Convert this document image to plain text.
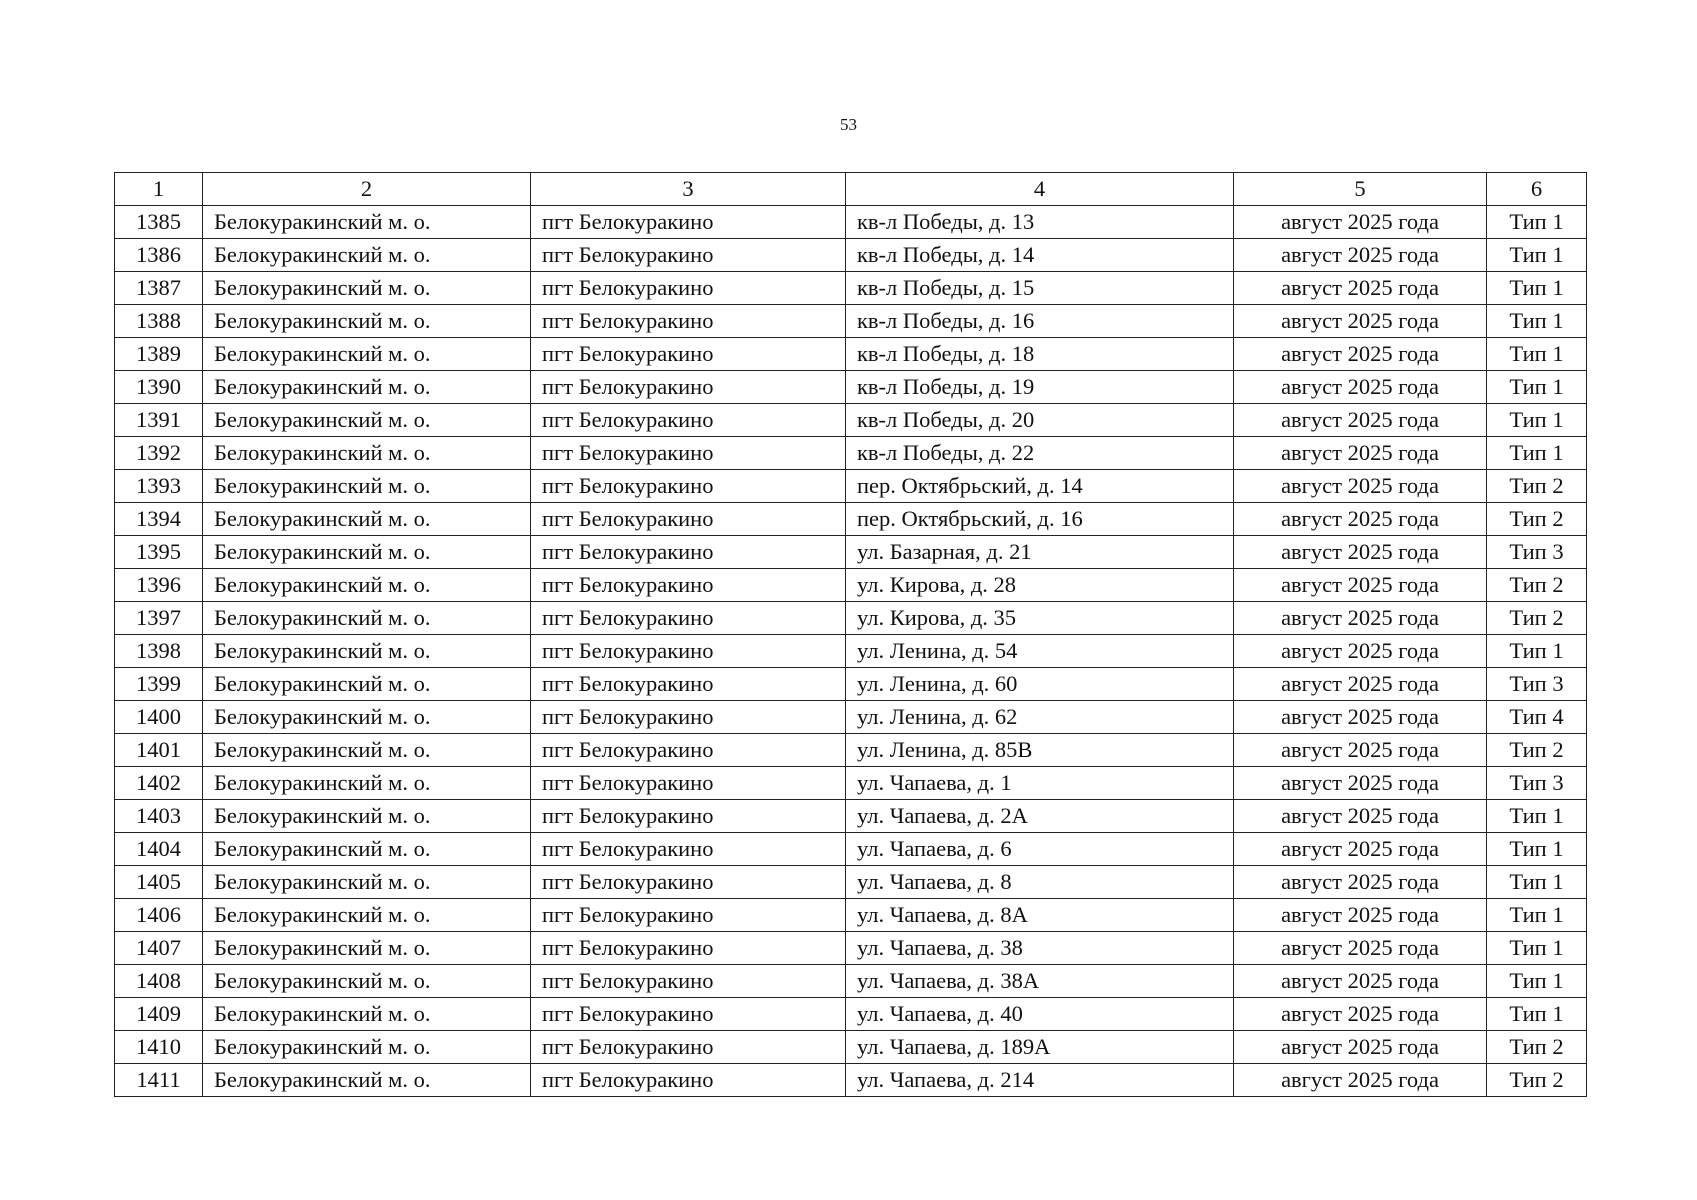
53
1	2	3	4	5	6
1385	Белокуракинский м. о.	пгт Белокуракино	кв-л Победы, д. 13	август 2025 года	Тип 1
1386	Белокуракинский м. о.	пгт Белокуракино	кв-л Победы, д. 14	август 2025 года	Тип 1
1387	Белокуракинский м. о.	пгт Белокуракино	кв-л Победы, д. 15	август 2025 года	Тип 1
1388	Белокуракинский м. о.	пгт Белокуракино	кв-л Победы, д. 16	август 2025 года	Тип 1
1389	Белокуракинский м. о.	пгт Белокуракино	кв-л Победы, д. 18	август 2025 года	Тип 1
1390	Белокуракинский м. о.	пгт Белокуракино	кв-л Победы, д. 19	август 2025 года	Тип 1
1391	Белокуракинский м. о.	пгт Белокуракино	кв-л Победы, д. 20	август 2025 года	Тип 1
1392	Белокуракинский м. о.	пгт Белокуракино	кв-л Победы, д. 22	август 2025 года	Тип 1
1393	Белокуракинский м. о.	пгт Белокуракино	пер. Октябрьский, д. 14	август 2025 года	Тип 2
1394	Белокуракинский м. о.	пгт Белокуракино	пер. Октябрьский, д. 16	август 2025 года	Тип 2
1395	Белокуракинский м. о.	пгт Белокуракино	ул. Базарная, д. 21	август 2025 года	Тип 3
1396	Белокуракинский м. о.	пгт Белокуракино	ул. Кирова, д. 28	август 2025 года	Тип 2
1397	Белокуракинский м. о.	пгт Белокуракино	ул. Кирова, д. 35	август 2025 года	Тип 2
1398	Белокуракинский м. о.	пгт Белокуракино	ул. Ленина, д. 54	август 2025 года	Тип 1
1399	Белокуракинский м. о.	пгт Белокуракино	ул. Ленина, д. 60	август 2025 года	Тип 3
1400	Белокуракинский м. о.	пгт Белокуракино	ул. Ленина, д. 62	август 2025 года	Тип 4
1401	Белокуракинский м. о.	пгт Белокуракино	ул. Ленина, д. 85В	август 2025 года	Тип 2
1402	Белокуракинский м. о.	пгт Белокуракино	ул. Чапаева, д. 1	август 2025 года	Тип 3
1403	Белокуракинский м. о.	пгт Белокуракино	ул. Чапаева, д. 2А	август 2025 года	Тип 1
1404	Белокуракинский м. о.	пгт Белокуракино	ул. Чапаева, д. 6	август 2025 года	Тип 1
1405	Белокуракинский м. о.	пгт Белокуракино	ул. Чапаева, д. 8	август 2025 года	Тип 1
1406	Белокуракинский м. о.	пгт Белокуракино	ул. Чапаева, д. 8А	август 2025 года	Тип 1
1407	Белокуракинский м. о.	пгт Белокуракино	ул. Чапаева, д. 38	август 2025 года	Тип 1
1408	Белокуракинский м. о.	пгт Белокуракино	ул. Чапаева, д. 38А	август 2025 года	Тип 1
1409	Белокуракинский м. о.	пгт Белокуракино	ул. Чапаева, д. 40	август 2025 года	Тип 1
1410	Белокуракинский м. о.	пгт Белокуракино	ул. Чапаева, д. 189А	август 2025 года	Тип 2
1411	Белокуракинский м. о.	пгт Белокуракино	ул. Чапаева, д. 214	август 2025 года	Тип 2
